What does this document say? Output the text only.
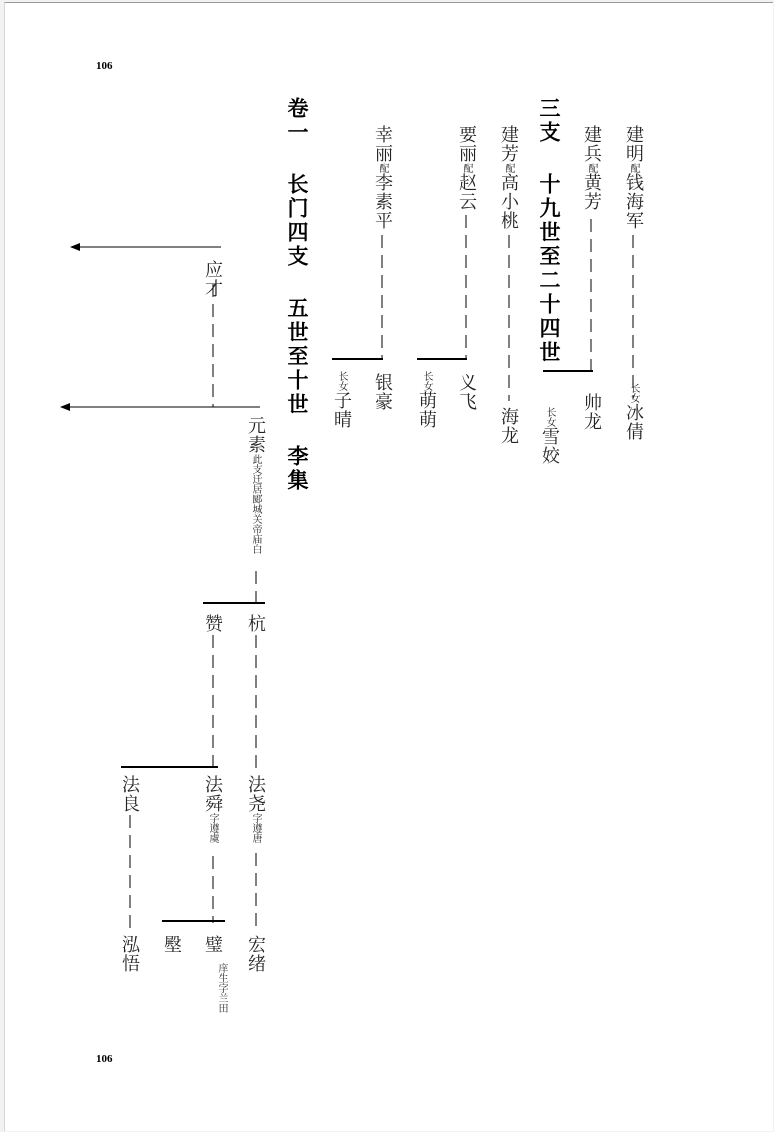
106
106
卷一 长门四支 五世至十世 李集	三支 十九世至二十四世	建明配钱海军
长女冰倩
建兵配黄芳
帅龙
长女雪姣
建芳配高小桃
海龙
要丽配赵云
义飞
长女萌萌
幸丽配李素平
银豪
长女子晴
应才
元素此支迁居郾城关帝庙白
杭
赞
法良	法舜字遵虞
法尧字遵唐
泓悟 壂 璧
庠生字兰田
宏绪
